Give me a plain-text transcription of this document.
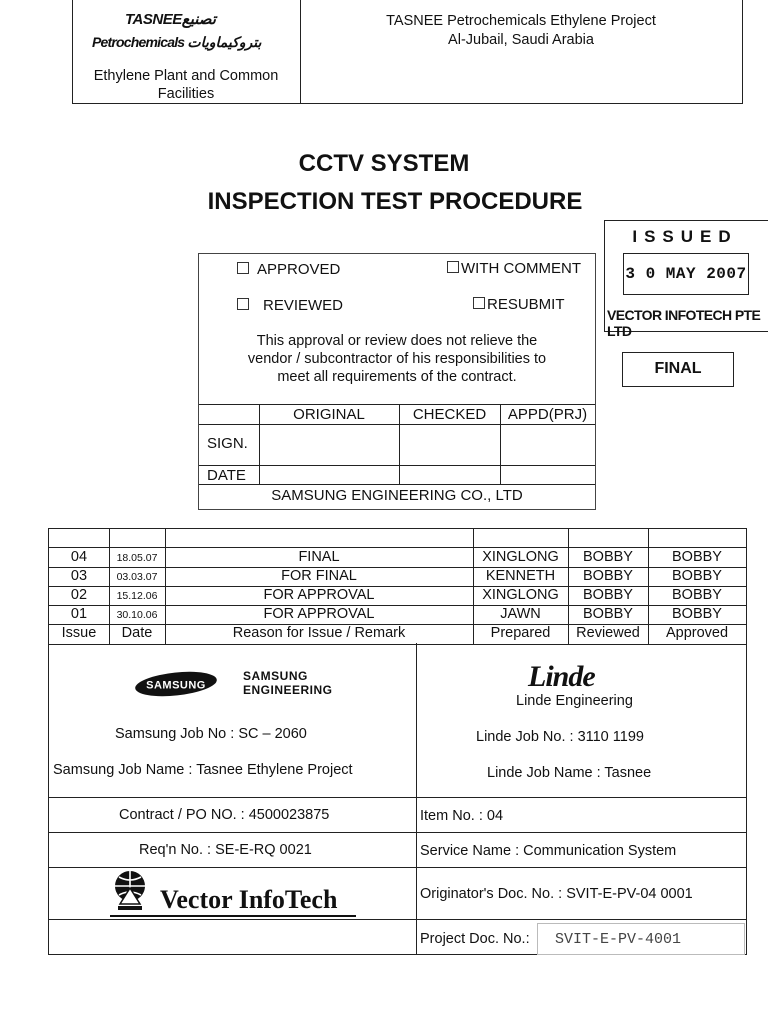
TASNEEتصنيع
Petrochemicals بتروكيماويات
Ethylene Plant and Common Facilities
TASNEE Petrochemicals Ethylene Project
Al-Jubail, Saudi Arabia
CCTV SYSTEM
INSPECTION TEST PROCEDURE
ISSUED
3 0 MAY 2007
VECTOR INFOTECH PTE LTD
FINAL
APPROVED	WITH COMMENT
REVIEWED	RESUBMIT
This approval or review does not relieve the
vendor / subcontractor of his responsibilities to
meet all requirements of the contract.
ORIGINAL	CHECKED	APPD(PRJ)
SIGN.
DATE
SAMSUNG ENGINEERING CO., LTD
04	18.05.07	FINAL	XINGLONG	BOBBY	BOBBY
03	03.03.07	FOR FINAL	KENNETH	BOBBY	BOBBY
02	15.12.06	FOR APPROVAL	XINGLONG	BOBBY	BOBBY
01	30.10.06	FOR APPROVAL	JAWN	BOBBY	BOBBY
Issue	Date	Reason for Issue / Remark	Prepared	Reviewed	Approved
SAMSUNG
SAMSUNG
ENGINEERING
Samsung Job No : SC – 2060
Samsung Job Name : Tasnee Ethylene Project
Linde
Linde Engineering
Linde Job No. : 3110 1199
Linde Job Name : Tasnee
Contract / PO NO. : 4500023875	Item No. : 04
Req'n No. : SE-E-RQ 0021	Service Name : Communication System
Vector InfoTech	Originator's Doc. No. : SVIT-E-PV-04 0001
Project Doc. No.: SVIT-E-PV-4001
